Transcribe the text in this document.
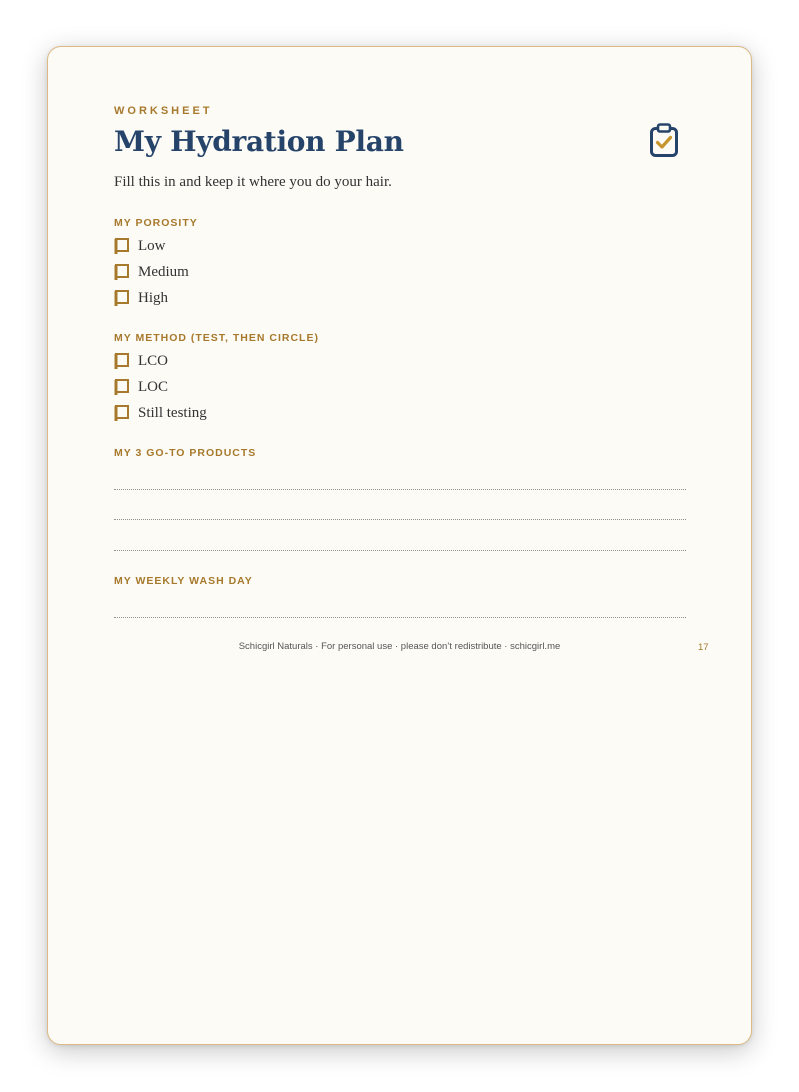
WORKSHEET
My Hydration Plan
Fill this in and keep it where you do your hair.
MY POROSITY
Low
Medium
High
MY METHOD (TEST, THEN CIRCLE)
LCO
LOC
Still testing
MY 3 GO-TO PRODUCTS
MY WEEKLY WASH DAY
Schicgirl Naturals · For personal use · please don’t redistribute · schicgirl.me	17
